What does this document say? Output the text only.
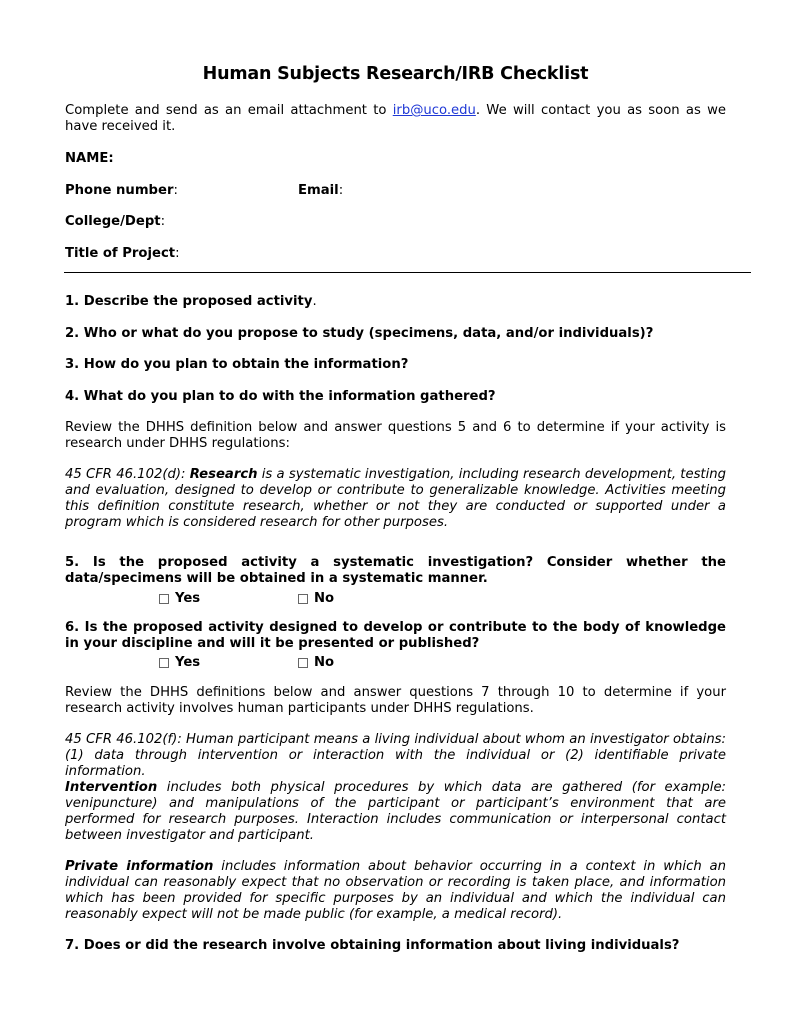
Human Subjects Research/IRB Checklist
Complete and send as an email attachment to irb@uco.edu. We will contact you as soon as we have received it.
NAME:
Phone number:	Email:
College/Dept:
Title of Project:
1. Describe the proposed activity.
2. Who or what do you propose to study (specimens, data, and/or individuals)?
3. How do you plan to obtain the information?
4. What do you plan to do with the information gathered?
Review the DHHS definition below and answer questions 5 and 6 to determine if your activity is research under DHHS regulations:
45 CFR 46.102(d): Research is a systematic investigation, including research development, testing and evaluation, designed to develop or contribute to generalizable knowledge. Activities meeting this definition constitute research, whether or not they are conducted or supported under a program which is considered research for other purposes.
5. Is the proposed activity a systematic investigation? Consider whether the data/specimens will be obtained in a systematic manner.
Yes	No
6. Is the proposed activity designed to develop or contribute to the body of knowledge in your discipline and will it be presented or published?
Yes	No
Review the DHHS definitions below and answer questions 7 through 10 to determine if your research activity involves human participants under DHHS regulations.
45 CFR 46.102(f): Human participant means a living individual about whom an investigator obtains: (1) data through intervention or interaction with the individual or (2) identifiable private information.
Intervention includes both physical procedures by which data are gathered (for example: venipuncture) and manipulations of the participant or participant’s environment that are performed for research purposes. Interaction includes communication or interpersonal contact between investigator and participant.
Private information includes information about behavior occurring in a context in which an individual can reasonably expect that no observation or recording is taken place, and information which has been provided for specific purposes by an individual and which the individual can reasonably expect will not be made public (for example, a medical record).
7. Does or did the research involve obtaining information about living individuals?
